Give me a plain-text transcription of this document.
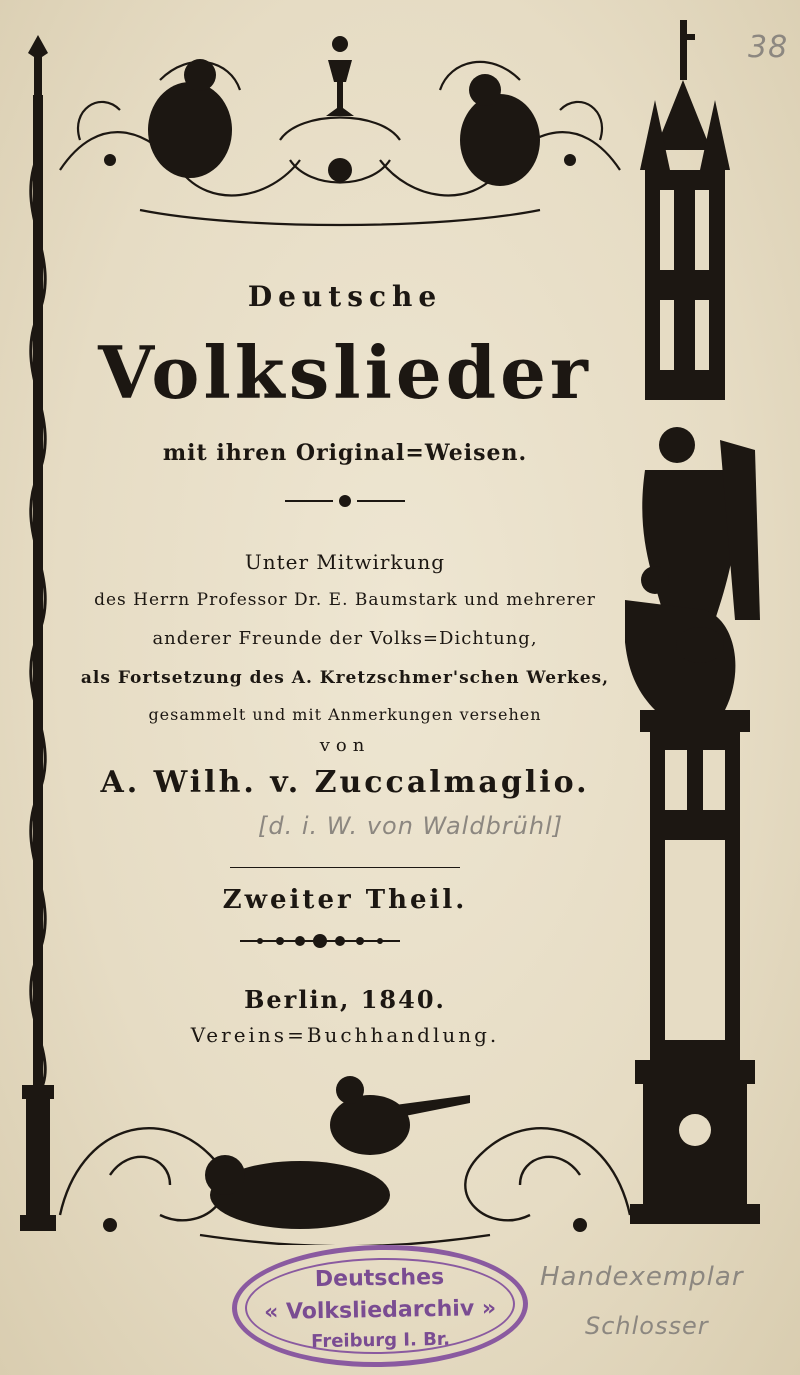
38
Deutsche
Volkslieder
mit ihren Original=Weisen.
Unter Mitwirkung
des Herrn Professor Dr. E. Baumstark und mehrerer
anderer Freunde der Volks=Dichtung,
als Fortsetzung des A. Kretzschmer'schen Werkes,
gesammelt und mit Anmerkungen versehen
von
A. Wilh. v. Zuccalmaglio.
[d. i. W. von Waldbrühl]
Zweiter Theil.
Berlin, 1840.
Vereins=Buchhandlung.
Deutsches
« Volksliedarchiv »
Freiburg I. Br.
Handexemplar
Schlosser
